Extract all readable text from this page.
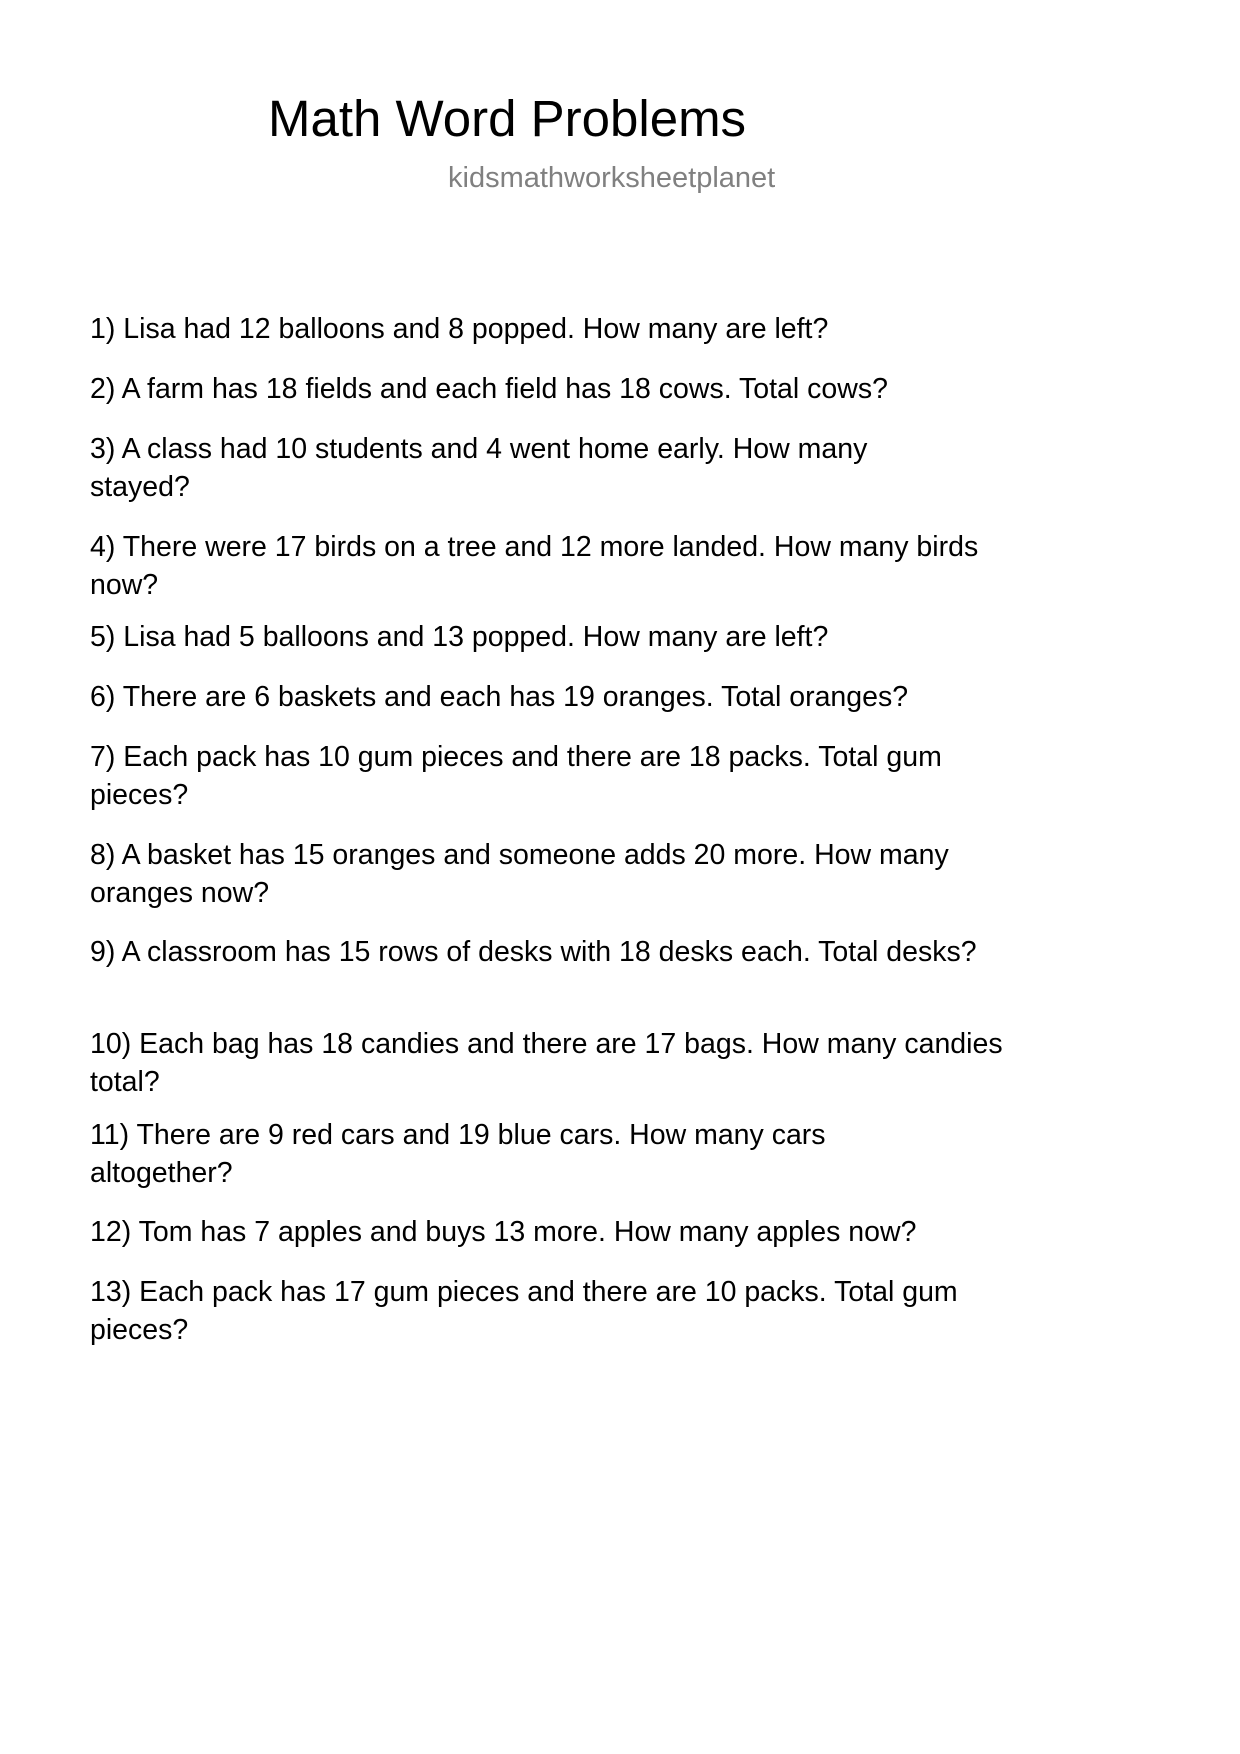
Math Word Problems
kidsmathworksheetplanet
1) Lisa had 12 balloons and 8 popped. How many are left?
2) A farm has 18 fields and each field has 18 cows. Total cows?
3) A class had 10 students and 4 went home early. How many stayed?
4) There were 17 birds on a tree and 12 more landed. How many birds now?
5) Lisa had 5 balloons and 13 popped. How many are left?
6) There are 6 baskets and each has 19 oranges. Total oranges?
7) Each pack has 10 gum pieces and there are 18 packs. Total gum pieces?
8) A basket has 15 oranges and someone adds 20 more. How many oranges now?
9) A classroom has 15 rows of desks with 18 desks each. Total desks?
10) Each bag has 18 candies and there are 17 bags. How many candies total?
11) There are 9 red cars and 19 blue cars. How many cars altogether?
12) Tom has 7 apples and buys 13 more. How many apples now?
13) Each pack has 17 gum pieces and there are 10 packs. Total gum pieces?
